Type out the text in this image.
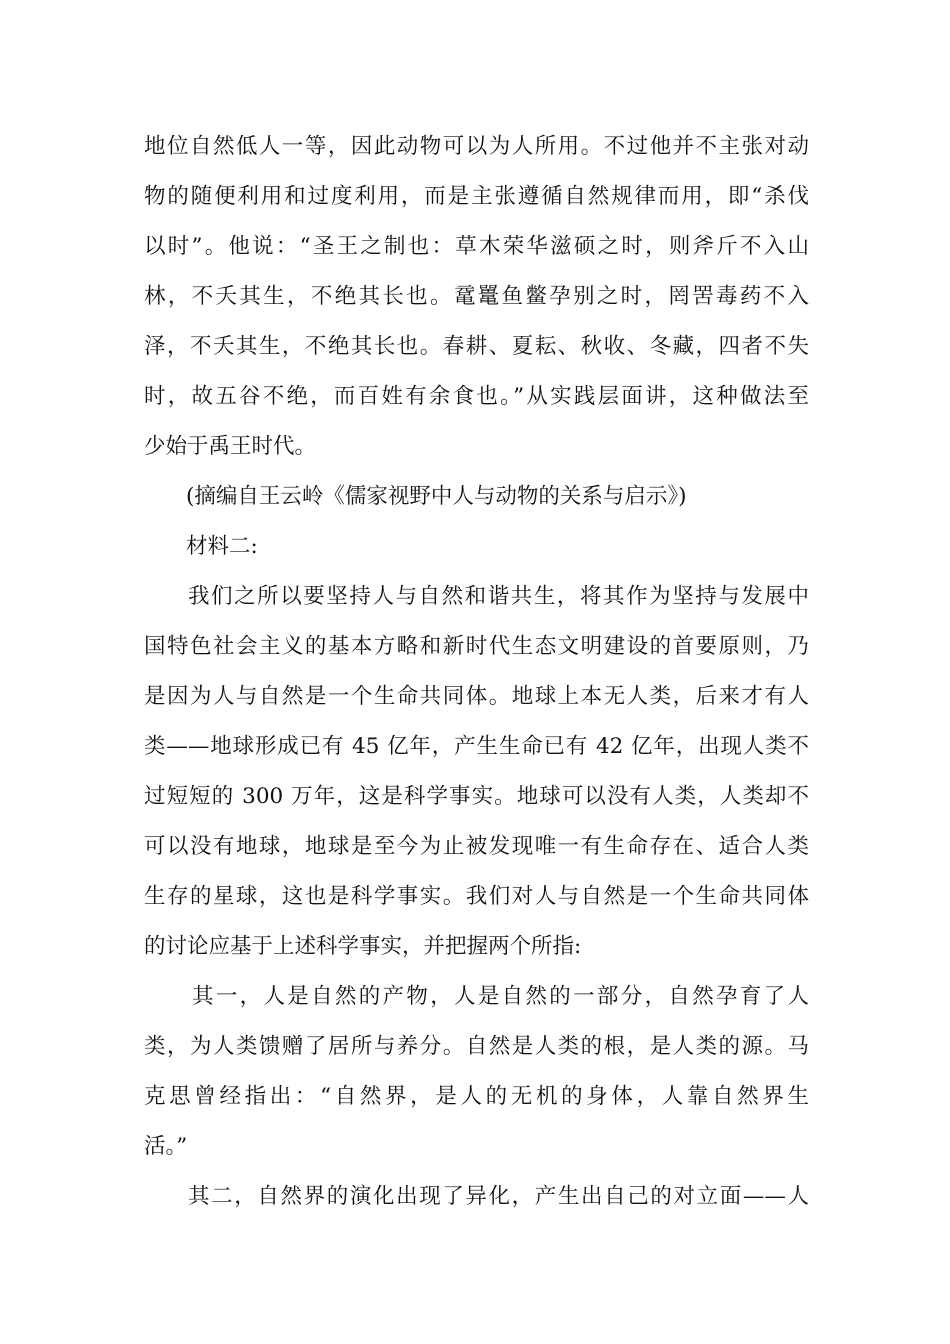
地位自然低人一等，因此动物可以为人所用。不过他并不主张对动
物的随便利用和过度利用，而是主张遵循自然规律而用，即“杀伐
以时”。他说：“圣王之制也：草木荣华滋硕之时，则斧斤不入山
林，不夭其生，不绝其长也。鼋鼍鱼鳖孕别之时，罔罟毒药不入
泽，不夭其生，不绝其长也。春耕、夏耘、秋收、冬藏，四者不失
时，故五谷不绝，而百姓有余食也。”从实践层面讲，这种做法至
少始于禹王时代。
(摘编自王云岭《儒家视野中人与动物的关系与启示》)
材料二:
我们之所以要坚持人与自然和谐共生，将其作为坚持与发展中
国特色社会主义的基本方略和新时代生态文明建设的首要原则，乃
是因为人与自然是一个生命共同体。地球上本无人类，后来才有人
类——地球形成已有 45 亿年，产生生命已有 42 亿年，出现人类不
过短短的 300 万年，这是科学事实。地球可以没有人类，人类却不
可以没有地球，地球是至今为止被发现唯一有生命存在、适合人类
生存的星球，这也是科学事实。我们对人与自然是一个生命共同体
的讨论应基于上述科学事实，并把握两个所指:
其一，人是自然的产物，人是自然的一部分，自然孕育了人
类，为人类馈赠了居所与养分。自然是人类的根，是人类的源。马
克思曾经指出：“自然界，是人的无机的身体，人靠自然界生
活。”
其二，自然界的演化出现了异化，产生出自己的对立面——人
